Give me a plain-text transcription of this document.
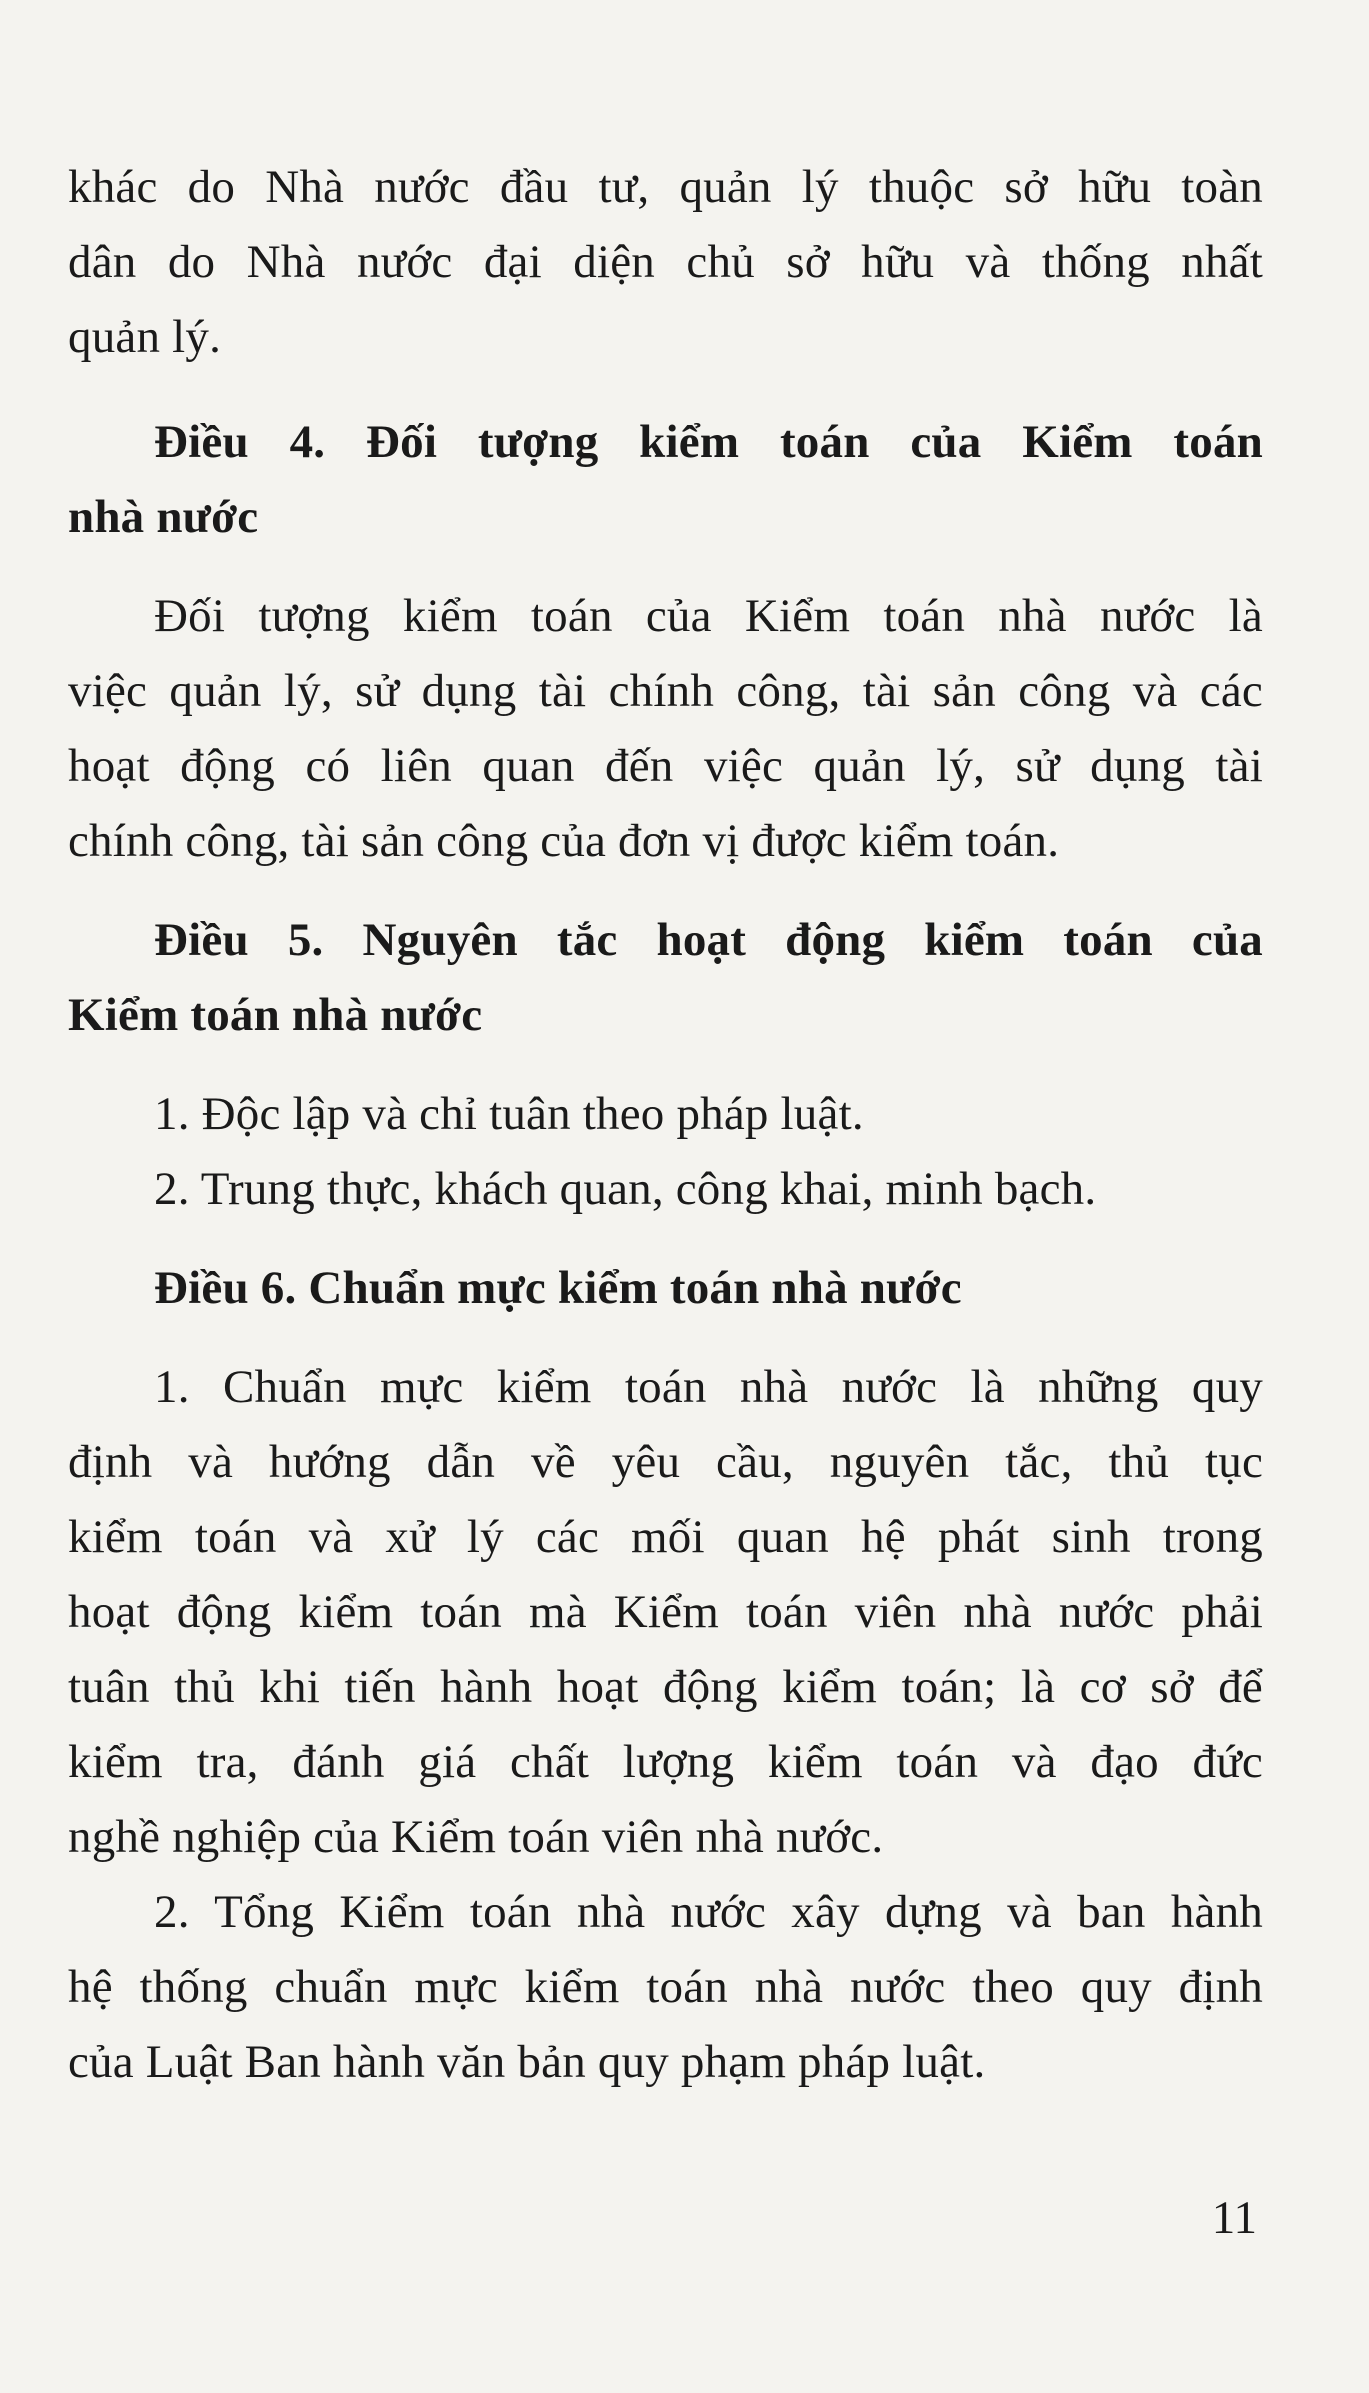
khác do Nhà nước đầu tư, quản lý thuộc sở hữu toàn
dân do Nhà nước đại diện chủ sở hữu và thống nhất
quản lý.
Điều 4. Đối tượng kiểm toán của Kiểm toán
nhà nước
Đối tượng kiểm toán của Kiểm toán nhà nước là
việc quản lý, sử dụng tài chính công, tài sản công và các
hoạt động có liên quan đến việc quản lý, sử dụng tài
chính công, tài sản công của đơn vị được kiểm toán.
Điều 5. Nguyên tắc hoạt động kiểm toán của
Kiểm toán nhà nước
1. Độc lập và chỉ tuân theo pháp luật.
2. Trung thực, khách quan, công khai, minh bạch.
Điều 6. Chuẩn mực kiểm toán nhà nước
1. Chuẩn mực kiểm toán nhà nước là những quy
định và hướng dẫn về yêu cầu, nguyên tắc, thủ tục
kiểm toán và xử lý các mối quan hệ phát sinh trong
hoạt động kiểm toán mà Kiểm toán viên nhà nước phải
tuân thủ khi tiến hành hoạt động kiểm toán; là cơ sở để
kiểm tra, đánh giá chất lượng kiểm toán và đạo đức
nghề nghiệp của Kiểm toán viên nhà nước.
2. Tổng Kiểm toán nhà nước xây dựng và ban hành
hệ thống chuẩn mực kiểm toán nhà nước theo quy định
của Luật Ban hành văn bản quy phạm pháp luật.
11
